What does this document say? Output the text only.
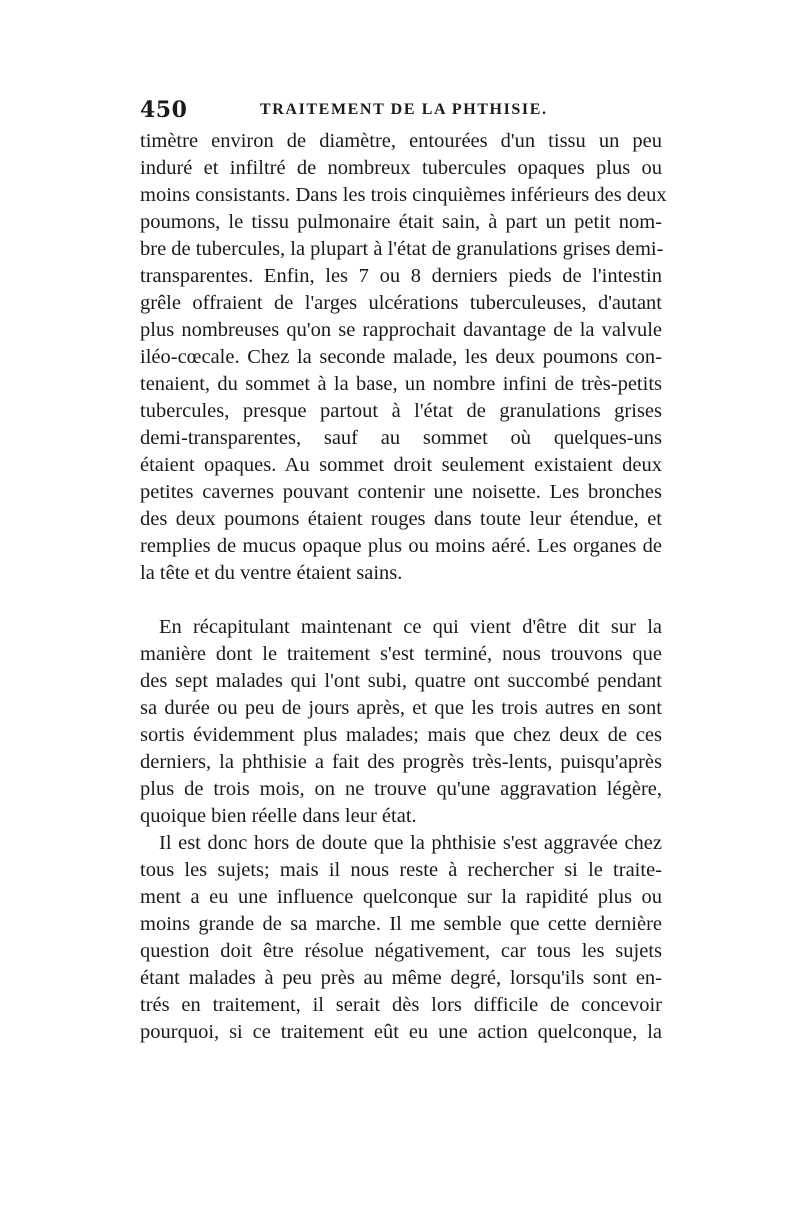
450	TRAITEMENT DE LA PHTHISIE.
timètre environ de diamètre, entourées d'un tissu un peu
induré et infiltré de nombreux tubercules opaques plus ou
moins consistants. Dans les trois cinquièmes inférieurs des deux
poumons, le tissu pulmonaire était sain, à part un petit nom-
bre de tubercules, la plupart à l'état de granulations grises demi-
transparentes. Enfin, les 7 ou 8 derniers pieds de l'intestin
grêle offraient de l'arges ulcérations tuberculeuses, d'autant
plus nombreuses qu'on se rapprochait davantage de la valvule
iléo-cœcale. Chez la seconde malade, les deux poumons con-
tenaient, du sommet à la base, un nombre infini de très-petits
tubercules, presque partout à l'état de granulations grises
demi-transparentes, sauf au sommet où quelques-uns
étaient opaques. Au sommet droit seulement existaient deux
petites cavernes pouvant contenir une noisette. Les bronches
des deux poumons étaient rouges dans toute leur étendue, et
remplies de mucus opaque plus ou moins aéré. Les organes de
la tête et du ventre étaient sains.
En récapitulant maintenant ce qui vient d'être dit sur la
manière dont le traitement s'est terminé, nous trouvons que
des sept malades qui l'ont subi, quatre ont succombé pendant
sa durée ou peu de jours après, et que les trois autres en sont
sortis évidemment plus malades; mais que chez deux de ces
derniers, la phthisie a fait des progrès très-lents, puisqu'après
plus de trois mois, on ne trouve qu'une aggravation légère,
quoique bien réelle dans leur état.
Il est donc hors de doute que la phthisie s'est aggravée chez
tous les sujets; mais il nous reste à rechercher si le traite-
ment a eu une influence quelconque sur la rapidité plus ou
moins grande de sa marche. Il me semble que cette dernière
question doit être résolue négativement, car tous les sujets
étant malades à peu près au même degré, lorsqu'ils sont en-
trés en traitement, il serait dès lors difficile de concevoir
pourquoi, si ce traitement eût eu une action quelconque, la
